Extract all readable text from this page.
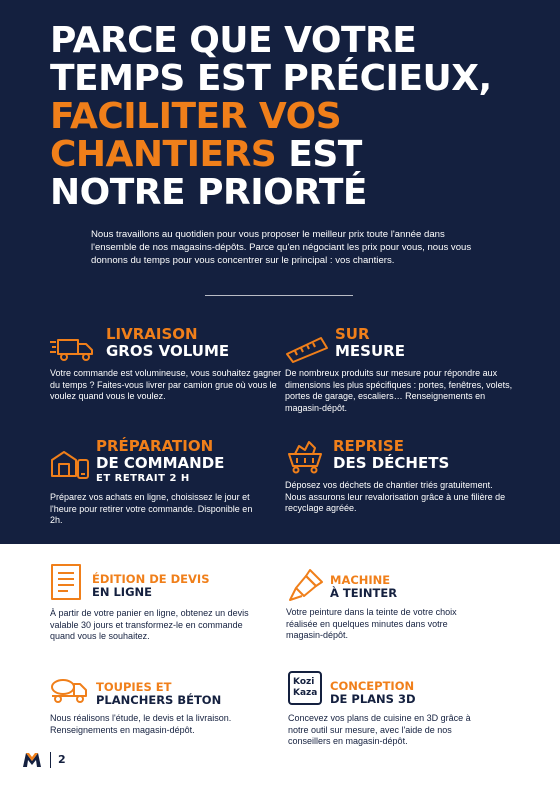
PARCE QUE VOTRE
TEMPS EST PRÉCIEUX,
FACILITER VOS
CHANTIERS EST
NOTRE PRIORTÉ

Nous travaillons au quotidien pour vous proposer le meilleur prix toute l'année dans l'ensemble de nos magasins-dépôts. Parce qu'en négociant les prix pour vous, nous vous donnons du temps pour vous concentrer sur le principal : vos chantiers.

LIVRAISON
GROS VOLUME

Votre commande est volumineuse, vous souhaitez gagner du temps ? Faites-vous livrer par camion grue où vous le voulez quand vous le voulez.

SUR
MESURE

De nombreux produits sur mesure pour répondre aux dimensions les plus spécifiques : portes, fenêtres, volets, portes de garage, escaliers… Renseignements en magasin-dépôt.

PRÉPARATION
DE COMMANDE
ET RETRAIT 2 H

Préparez vos achats en ligne, choisissez le jour et l'heure pour retirer votre commande. Disponible en 2h.

REPRISE
DES DÉCHETS

Déposez vos déchets de chantier triés gratuitement. Nous assurons leur revalorisation grâce à une filière de recyclage agréée.

ÉDITION DE DEVIS
EN LIGNE

À partir de votre panier en ligne, obtenez un devis valable 30 jours et transformez-le en commande quand vous le souhaitez.

MACHINE
À TEINTER

Votre peinture dans la teinte de votre choix réalisée en quelques minutes dans votre magasin-dépôt.

TOUPIES ET
PLANCHERS BÉTON

Nous réalisons l'étude, le devis et la livraison. Renseignements en magasin-dépôt.

Kozi
Kaza CONCEPTION
DE PLANS 3D

Concevez vos plans de cuisine en 3D grâce à notre outil sur mesure, avec l'aide de nos conseillers en magasin-dépôt.

2
